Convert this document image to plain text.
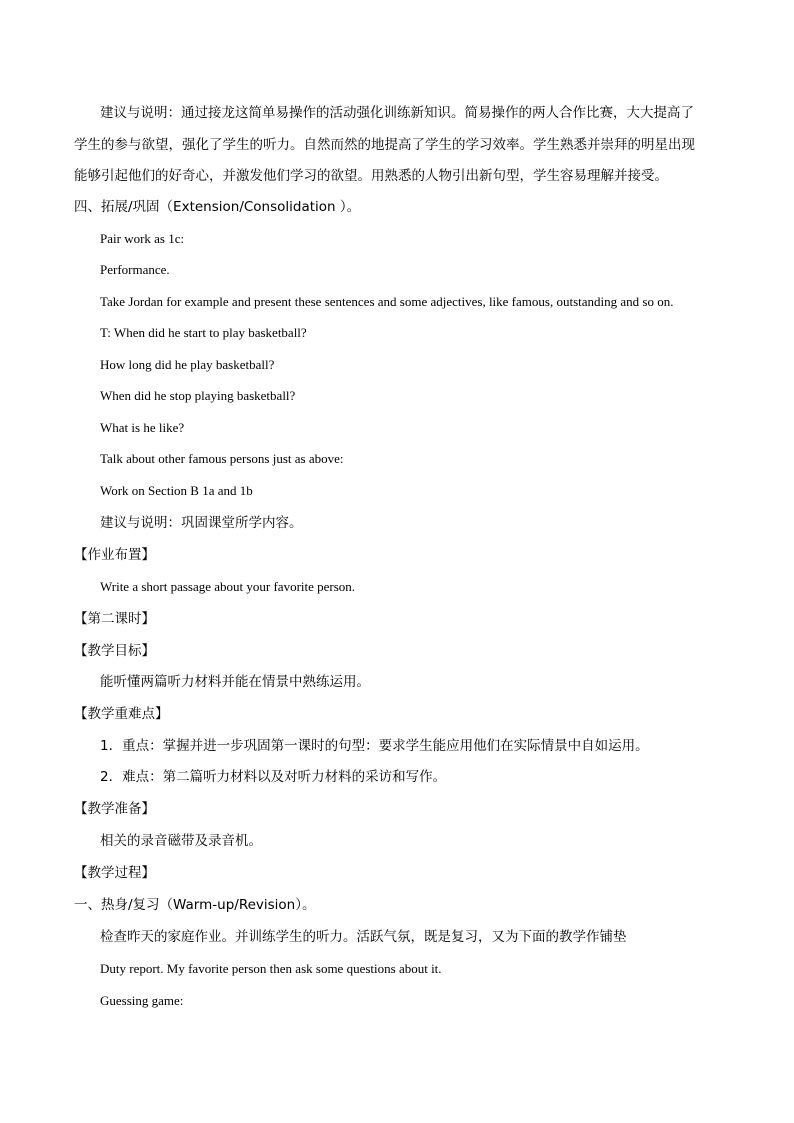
建议与说明：通过接龙这简单易操作的活动强化训练新知识。简易操作的两人合作比赛，大大提高了
学生的参与欲望，强化了学生的听力。自然而然的地提高了学生的学习效率。学生熟悉并崇拜的明星出现
能够引起他们的好奇心，并激发他们学习的欲望。用熟悉的人物引出新句型，学生容易理解并接受。
四、拓展/巩固（Extension/Consolidation ）。
Pair work as 1c:
Performance.
Take Jordan for example and present these sentences and some adjectives, like famous, outstanding and so on.
T: When did he start to play basketball?
How long did he play basketball?
When did he stop playing basketball?
What is he like?
Talk about other famous persons just as above:
Work on Section B 1a and 1b
建议与说明：巩固课堂所学内容。
【作业布置】
Write a short passage about your favorite person.
【第二课时】
【教学目标】
能听懂两篇听力材料并能在情景中熟练运用。
【教学重难点】
1．重点：掌握并进一步巩固第一课时的句型：要求学生能应用他们在实际情景中自如运用。
2．难点：第二篇听力材料以及对听力材料的采访和写作。
【教学准备】
相关的录音磁带及录音机。
【教学过程】
一、热身/复习（Warm-up/Revision）。
检查昨天的家庭作业。并训练学生的听力。活跃气氛，既是复习，又为下面的教学作铺垫
Duty report. My favorite person then ask some questions about it.
Guessing game:
